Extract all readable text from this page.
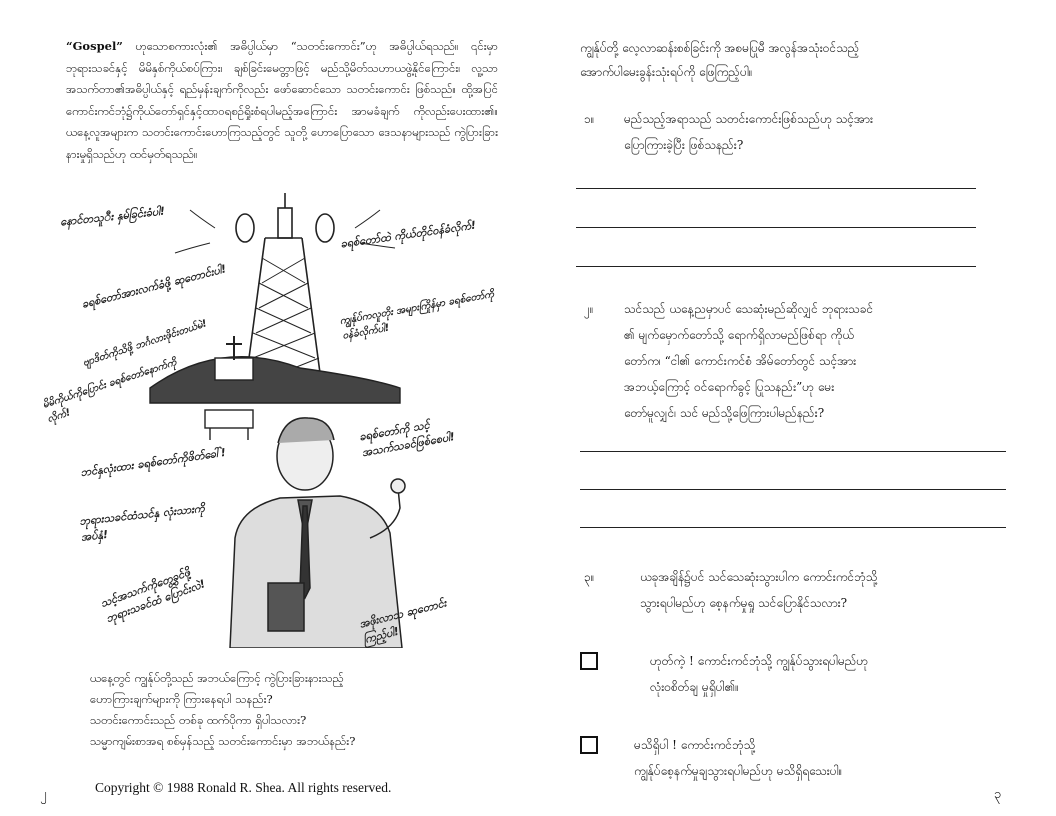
“Gospel” ဟုသောစကားလုံး၏ အဓိပ္ပါယ်မှာ “သတင်းကောင်း”ဟု အဓိပ္ပါယ်ရသည်။ ၎င်းမှာ ဘုရားသခင်နှင့် မိမိနှစ်ကိုယ်စပ်ကြား၊ ချစ်ခြင်းမေတ္တာဖြင့် မည်သို့မိတ်သဟာယဖွဲ့နိုင်ကြောင်း၊ လူ့သာအသက်တာ၏အဓိပ္ပါယ်နှင့် ရည်မှန်းချက်ကိုလည်း ဖော်ဆောင်သော သတင်းကောင်း ဖြစ်သည်။ ထို့အပြင်ကောင်းကင်ဘုံ၌ကိုယ်တော်ရှင်နှင့်ထာဝရစဉ်ရှိုးစံရပါမည့်အကြောင်း အာမခံချက် ကိုလည်းပေးထား၏။ ယနေ့လူအများက သတင်းကောင်းဟောကြသည့်တွင် သူတို့ ဟောပြောသော ဒေသနာများသည် ကွဲပြားခြားနားမှုရှိသည်ဟု ထင်မှတ်ရသည်။
နောင်တသူီး နှမ်ခြင်းခံပါ!
ခရစ်တော်ထဲ ကိုယ်တိုင်ဝန်ခံလိုက်!
ခရစ်တော်အားလက်ခံဖို့ ဆုတောင်းပါ!
ဗျာဒိတ်ကိုသိဖို့ ဘင်္ဂလားဖိုင်းတယ်မဲ!
ကျွန်ုပ်ကလူတိုး အများကြိုန်မှာ ခရစ်တော်ကို ဝန်ခံလိုက်ပါ!
မိမိကိုယ်ကိုပြောင်း ခရစ်တော်နောက်ကိုလိုက်!
ခရစ်တော်ကို သင့်အသက်သခင်ဖြစ်စေပါ!
ဘင်နှလုံးထား ခရစ်တော်ကိုဖိတ်ခေါ်!
ဘုရားသခင်ထံသင်နှ လုံးသားကိုအပ်နှံ!
သင့်အသက်ကိုတွေ့ခွင်ဖို့ ဘုရားသခင်ထံ ပြောင်းလဲ!	အဖိုးလာသ ဆုတောင်းကြည့်ပါ!
ယနေ့တွင် ကျွန်ုပ်တို့သည် အဘယ်ကြောင့် ကွဲပြားခြားနားသည့်
ဟောကြားချက်များကို ကြားနေရပါ သနည်း?
သတင်းကောင်းသည် တစ်ခု ထက်ပိုကာ ရှိပါသလား?
သမ္မာကျမ်းစာအရ စစ်မှန်သည့် သတင်းကောင်းမှာ အဘယ်နည်း?
Copyright © 1988 Ronald R. Shea. All rights reserved.
၂
ကျွန်ုပ်တို့ လေ့လာဆန်းစစ်ခြင်းကို အစမပြုမီ အလွန်အသုံးဝင်သည့်
အောက်ပါမေးခွန်းသုံးရပ်ကို ဖြေကြည့်ပါ။
၁။ မည်သည့်အရာသည် သတင်းကောင်းဖြစ်သည်ဟု သင့်အား
ပြောကြားခဲ့ပြီး ဖြစ်သနည်း?
၂။	သင်သည် ယနေ့ညမှာပင် သေဆုံးမည်ဆိုလျှင် ဘုရားသခင်
၏ မျက်မှောက်တော်သို့ ရောက်ရှိလာမည်ဖြစ်ရာ ကိုယ်
တော်က၊ “ငါ၏ ကောင်းကင်စံ အိမ်တော်တွင် သင့်အား
အဘယ့်ကြောင့် ဝင်ရောက်ခွင့် ပြုသနည်း”ဟု မေး
တော်မူလျှင်၊ သင် မည်သို့ဖြေကြားပါမည်နည်း?
၃။	ယခုအချိန်၌ပင် သင်သေဆုံးသွားပါက ကောင်းကင်ဘုံသို့
သွားရပါမည်ဟု စေ့နက်မှုရှု သင်ပြောနိုင်သလား?
ဟုတ်ကဲ့ ! ကောင်းကင်ဘုံသို့ ကျွန်ုပ်သွားရပါမည်ဟု
လုံးဝစိတ်ချ မှုရှိပါ၏။
မသိရှိပါ ! ကောင်းကင်ဘုံသို့
ကျွန်ုပ်စေ့နက်မှုချသွားရပါမည်ဟု မသိရှိရသေးပါ။
၃
